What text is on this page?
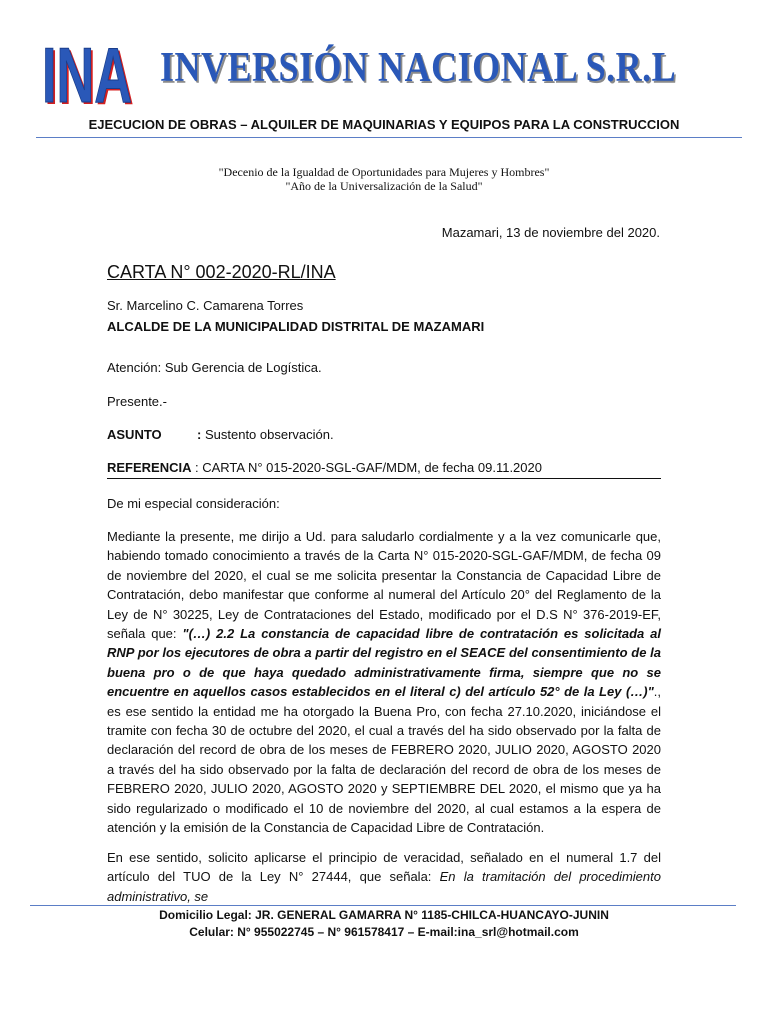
INA
INA INVERSIÓN NACIONAL S.R.L
EJECUCION DE OBRAS – ALQUILER DE MAQUINARIAS Y EQUIPOS PARA LA CONSTRUCCION
"Decenio de la Igualdad de Oportunidades para Mujeres y Hombres"
"Año de la Universalización de la Salud"
Mazamari, 13 de noviembre del 2020.
CARTA N° 002-2020-RL/INA
Sr. Marcelino C. Camarena Torres
ALCALDE DE LA MUNICIPALIDAD DISTRITAL DE MAZAMARI
Atención: Sub Gerencia de Logística.
Presente.-
ASUNTO	: Sustento observación.
REFERENCIA : CARTA N° 015-2020-SGL-GAF/MDM, de fecha 09.11.2020
De mi especial consideración:

Mediante la presente, me dirijo a Ud. para saludarlo cordialmente y a la vez comunicarle que, habiendo tomado conocimiento a través de la Carta N° 015-2020-SGL-GAF/MDM, de fecha 09 de noviembre del 2020, el cual se me solicita presentar la Constancia de Capacidad Libre de Contratación, debo manifestar que conforme al numeral del Artículo 20° del Reglamento de la Ley de N° 30225, Ley de Contrataciones del Estado, modificado por el D.S N° 376-2019-EF, señala que: "(…) 2.2 La constancia de capacidad libre de contratación es solicitada al RNP por los ejecutores de obra a partir del registro en el SEACE del consentimiento de la buena pro o de que haya quedado administrativamente firma, siempre que no se encuentre en aquellos casos establecidos en el literal c) del artículo 52° de la Ley (…)"., es ese sentido la entidad me ha otorgado la Buena Pro, con fecha 27.10.2020, iniciándose el tramite con fecha 30 de octubre del 2020, el cual a través del ha sido observado por la falta de declaración del record de obra de los meses de FEBRERO 2020, JULIO 2020, AGOSTO 2020 a través del ha sido observado por la falta de declaración del record de obra de los meses de FEBRERO 2020, JULIO 2020, AGOSTO 2020 y SEPTIEMBRE DEL 2020, el mismo que ya ha sido regularizado o modificado el 10 de noviembre del 2020, al cual estamos a la espera de atención y la emisión de la Constancia de Capacidad Libre de Contratación.

En ese sentido, solicito aplicarse el principio de veracidad, señalado en el numeral 1.7 del artículo del TUO de la Ley N° 27444, que señala: En la tramitación del procedimiento administrativo, se

Domicilio Legal: JR. GENERAL GAMARRA N° 1185-CHILCA-HUANCAYO-JUNIN
Celular: N° 955022745 – N° 961578417 – E-mail:ina_srl@hotmail.com
